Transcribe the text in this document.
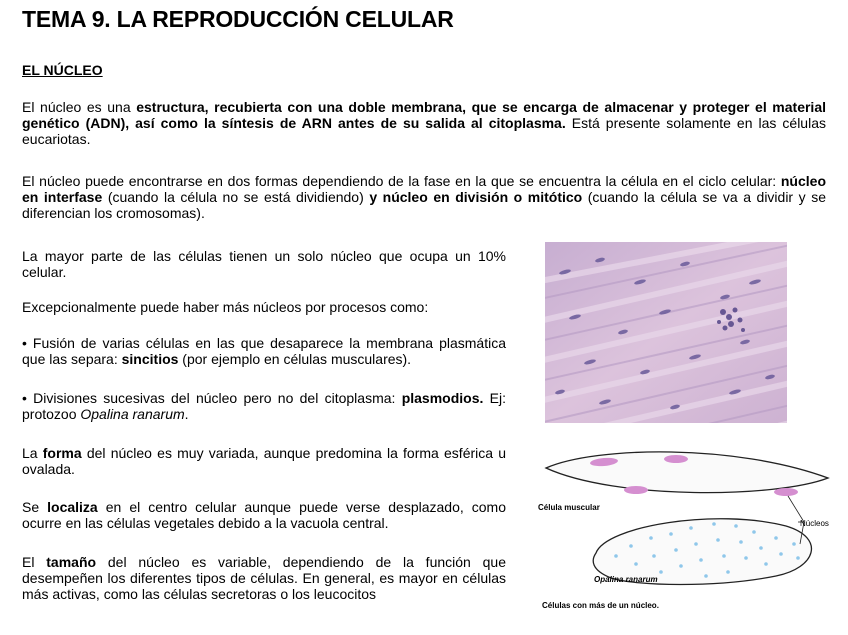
TEMA 9. LA REPRODUCCIÓN CELULAR
EL NÚCLEO

El núcleo es una estructura, recubierta con una doble membrana, que se encarga de almacenar y proteger el material genético (ADN), así como la síntesis de ARN antes de su salida al citoplasma. Está presente solamente en las células eucariotas.

El núcleo puede encontrarse en dos formas dependiendo de la fase en la que se encuentra la célula en el ciclo celular: núcleo en interfase (cuando la célula no se está dividiendo) y núcleo en división o mitótico (cuando la célula se va a dividir y se diferencian los cromosomas).

La mayor parte de las células tienen un solo núcleo que ocupa un 10% celular.

Excepcionalmente puede haber más núcleos por procesos como:

• Fusión de varias células en las que desaparece la membrana plasmática que las separa: sincitios (por ejemplo en células musculares).

• Divisiones sucesivas del núcleo pero no del citoplasma: plasmodios. Ej: protozoo Opalina ranarum.

La forma del núcleo es muy variada, aunque predomina la forma esférica u ovalada.

Se localiza en el centro celular aunque puede verse desplazado, como ocurre en las células vegetales debido a la vacuola central.

El tamaño del núcleo es variable, dependiendo de la función que desempeñen los diferentes tipos de células. En general, es mayor en células más activas, como las células secretoras o los leucocitos

Célula muscular
Núcleos
Opalina ranarum
Células con más de un núcleo.
